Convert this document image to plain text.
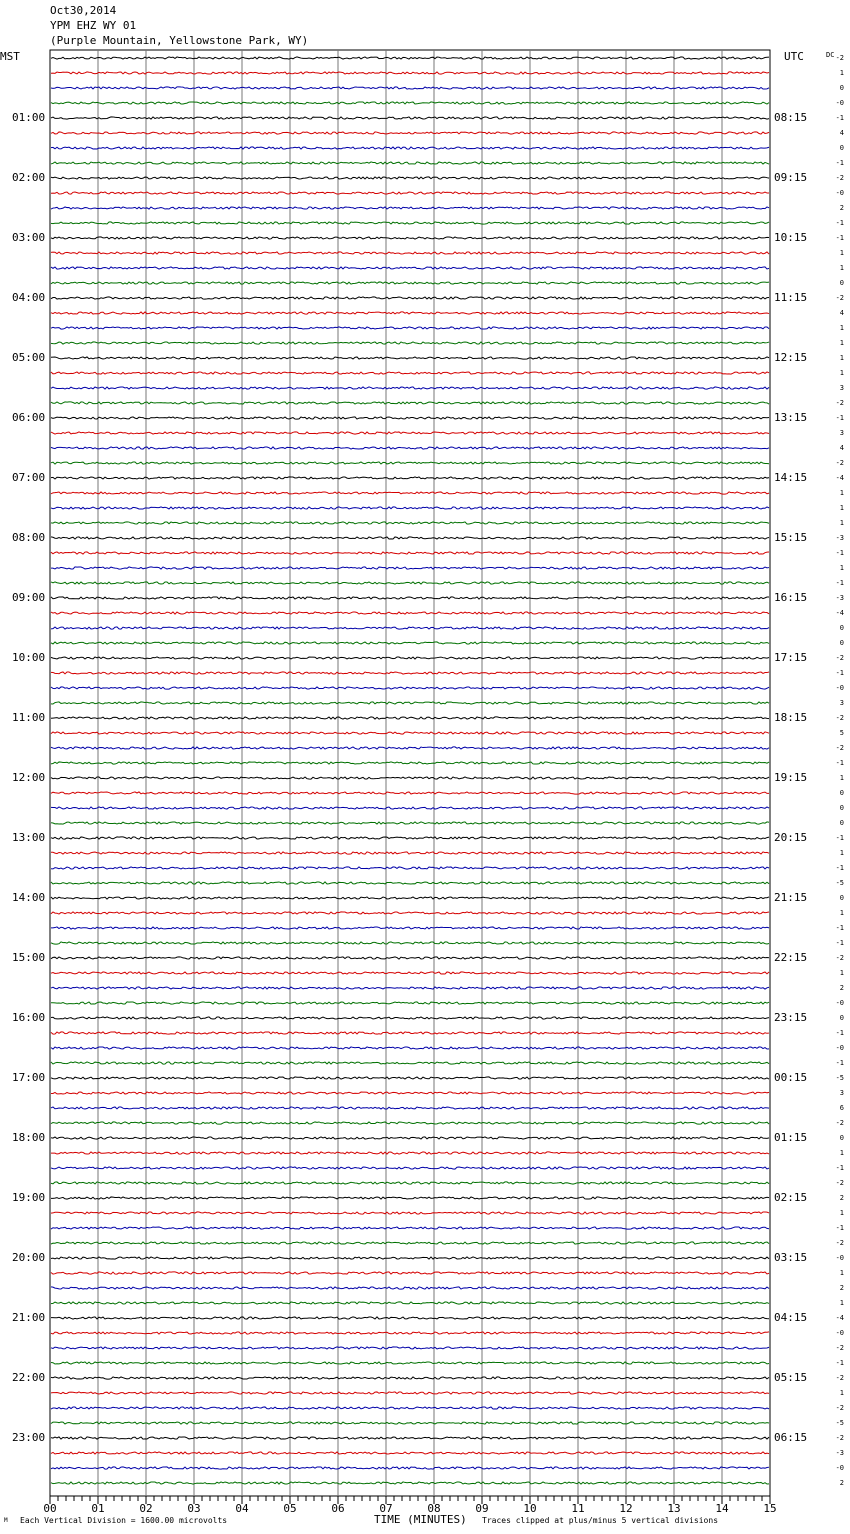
Oct30,2014
YPM EHZ WY 01
(Purple Mountain, Yellowstone Park, WY)
MST	UTC	DC
00	01	02	03	04	05	06	07	08	09	10	11	12	13	14	15
01:00
02:00
03:00
04:00
05:00
06:00
07:00
08:00
09:00
10:00
11:00
12:00
13:00
14:00
15:00
16:00
17:00
18:00
19:00
20:00
21:00
22:00
23:00
08:15
09:15
10:15
11:15
12:15
13:15
14:15
15:15
16:15
17:15
18:15
19:15
20:15
21:15
22:15
23:15
00:15
01:15
02:15
03:15
04:15
05:15
06:15
-2
1
0
-0
-1
4
0
-1
-2
-0
2
-1
-1
1
1
0
-2
4
1
1
1
1
3
-2
-1
3
4
-2
-4
1
1
1
-3
-1
1
-1
-3
-4
0
0
-2
-1
-0
3
-2
5
-2
-1
1
0
0
0
-1
1
-1
-5
0
1
-1
-1
-2
1
2
-0
0
-1
-0
-1
-5
3
6
-2
0
1
-1
-2
2
1
-1
-2
-0
1
2
1
-4
-0
-2
-1
-2
1
-2
-5
-2
-3
-0
2
M Each Vertical Division = 1600.00 microvolts	TIME (MINUTES) Traces clipped at plus/minus 5 vertical divisions
